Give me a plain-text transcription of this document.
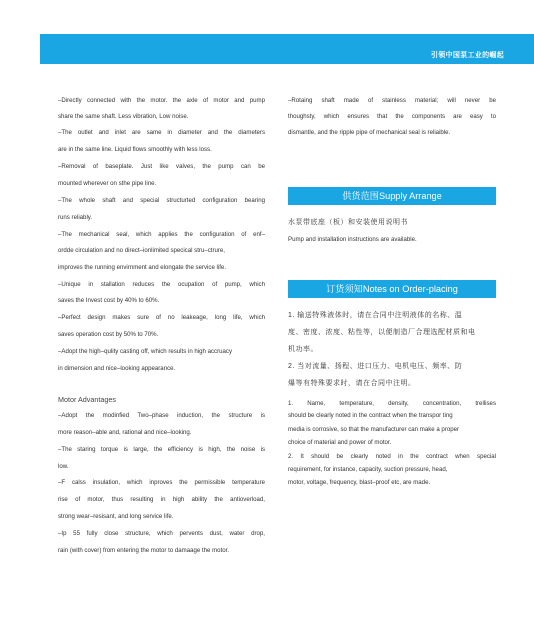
引领中国泵工业的崛起
–Directly connected with the motor. the axle of motor and pump
share the same shaft. Less vibration, Low noise.
–The outlet and inlet are same in diameter and the diameters
are in the same line. Liquid flows smoothly with less loss.
–Removal of baseplate. Just like valves, the pump can be
mounted wherever on sthe pipe line.
–The whole shaft and special structurted configuration bearing
runs reliably.
–The mechanical seal, which applies the configuration of enf–
ordde circulation and no direct–ionlimited specical stru–ctrure,
improves the running envirnment and elongate the service life.
–Unique in stallation reduces the ocupation of pump, which
saves the Invest cost by 40% to 60%.
–Perfect design makes sure of no leakeage, long life, which
saves operation cost by 50% to 70%.
–Adopt the high–qulity casting off, which results in high accruacy
in dimension and nice–looking appearance.
Motor Advantages
–Adopt the modinfied Two–phase induction, the structure is
more reason–able and, rational and nice–looking.
–The staring torque is large, the efficiency is high, the noise is
low.
–F calss insulation, which inproves the permissible temperature
rise of motor, thus resulting in high ability the antioverload,
strong wear–resisant, and long service life.
–Ip 55 fully close structure, which pervents dust, water drop,
rain (with cover) from entering the motor to damaage the motor.
–Rotaing shaft made of stainless material; will never be
thoughsty, which ensures that the components are easy to
dismantle, and the ripple pipe of mechanical seal is reliaible.
供货范围Supply Arrange
水泵带底座（板）和安装使用说明书
Pump and installation instructions are available.
订货须知Notes on Order-placing
1. 输送特殊液体时，请在合同中注明液体的名称、温
度、密度、浓度、粘性等，以便制造厂合理选配材质和电
机功率。
2. 当对流量、扬程、进口压力、电机电压、频率、防
爆等有特殊要求时，请在合同中注明。
1. Name, temperature, density, concentration, trellises
should be clearly noted in the contract when the transpor ting
media is corrosive, so that the manufacturer can make a proper
choice of material and power of motor.
2. It should be clearly noted in the contract when special
requirement, for instance, capacity, suction pressure, head,
motor, voltage, frequency, blast–proof etc, are made.
